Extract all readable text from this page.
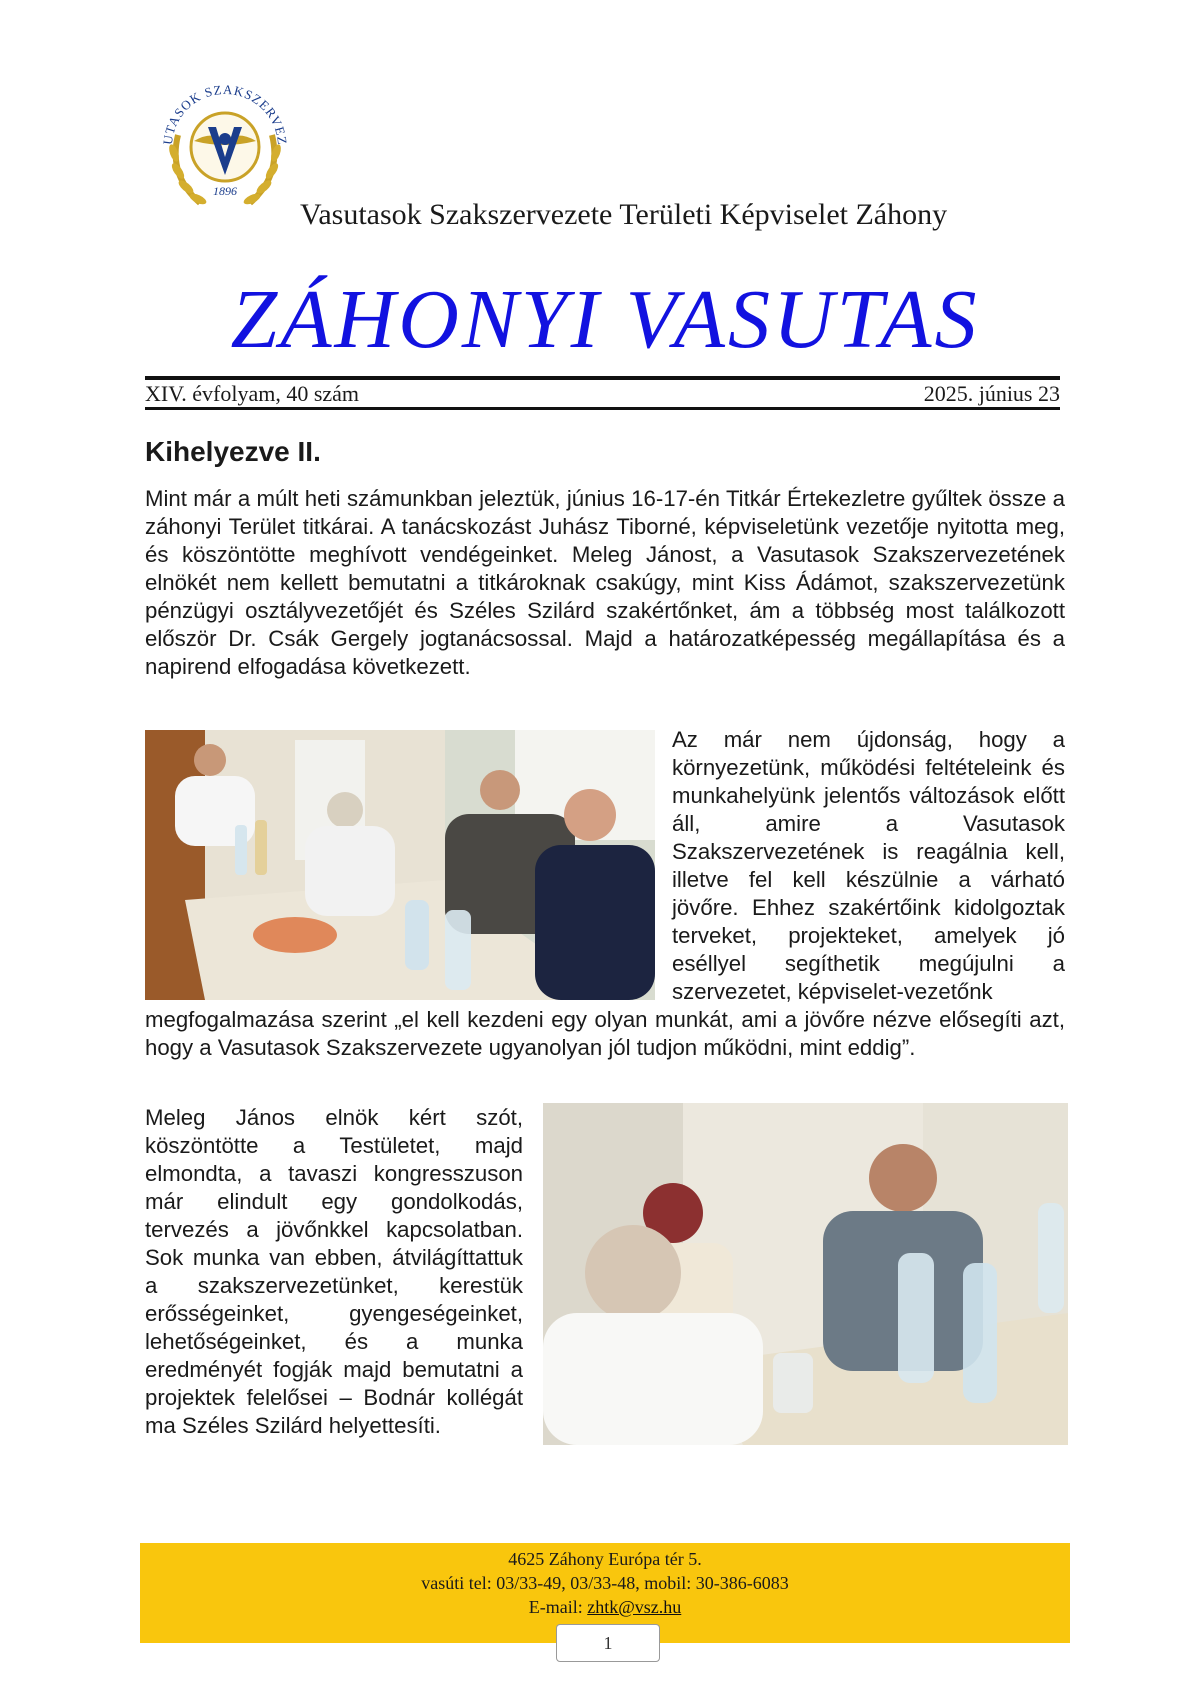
UTASOK SZAKSZERVEZ
1896
Vasutasok Szakszervezete Területi Képviselet Záhony
ZÁHONYI VASUTAS
XIV. évfolyam, 40 szám	2025. június 23
Kihelyezve II.

Mint már a múlt heti számunkban jeleztük, június 16-17-én Titkár Értekezletre gyűltek össze a záhonyi Terület titkárai. A tanácskozást Juhász Tiborné, képviseletünk vezetője nyitotta meg, és köszöntötte meghívott vendégeinket. Meleg Jánost, a Vasutasok Szakszervezetének elnökét nem kellett bemutatni a titkároknak csakúgy, mint Kiss Ádámot, szakszervezetünk pénzügyi osztályvezetőjét és Széles Szilárd szakértőnket, ám a többség most találkozott először Dr. Csák Gergely jogtanácsossal. Majd a határozatképesség megállapítása és a napirend elfogadása következett.

Az már nem újdonság, hogy a környezetünk, működési feltételeink és munkahelyünk jelentős változások előtt áll, amire a Vasutasok Szakszervezetének is reagálnia kell, illetve fel kell készülnie a várható jövőre. Ehhez szakértőink kidolgoztak terveket, projekteket, amelyek jó eséllyel segíthetik megújulni a szervezetet, képviselet-vezetőnk

megfogalmazása szerint „el kell kezdeni egy olyan munkát, ami a jövőre nézve elősegíti azt, hogy a Vasutasok Szakszervezete ugyanolyan jól tudjon működni, mint eddig”.

Meleg János elnök kért szót, köszöntötte a Testületet, majd elmondta, a tavaszi kongresszuson már elindult egy gondolkodás, tervezés a jövőnkkel kapcsolatban. Sok munka van ebben, átvilágíttattuk a szakszervezetünket, kerestük erősségeinket, gyengeségeinket, lehetőségeinket, és a munka eredményét fogják majd bemutatni a projektek felelősei – Bodnár kollégát ma Széles Szilárd helyettesíti.

4625 Záhony Európa tér 5.
vasúti tel: 03/33-49, 03/33-48, mobil: 30-386-6083
E-mail: zhtk@vsz.hu
1
